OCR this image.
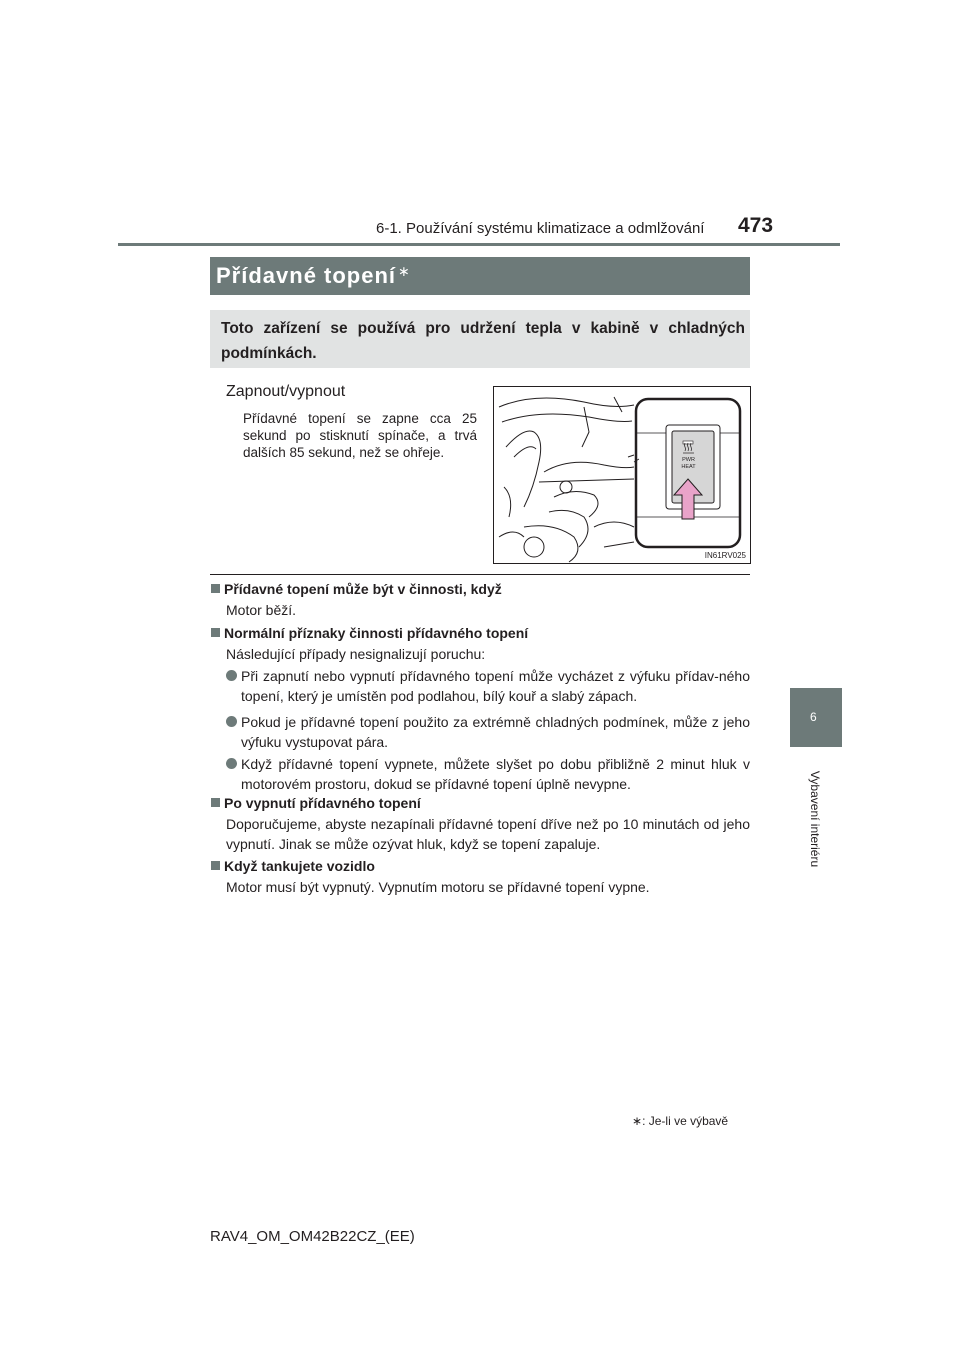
6-1. Používání systému klimatizace a odmlžování 473
Přídavné topení ∗
Toto zařízení se používá pro udržení tepla v kabině v chladných podmínkách.
Zapnout/vypnout
Přídavné topení se zapne cca 25 sekund po stisknutí spínače, a trvá dalších 85 sekund, než se ohřeje.	PWR
HEAT
IN61RV025
Přídavné topení může být v činnosti, když
Motor běží.
Normální příznaky činnosti přídavného topení
Následující případy nesignalizují poruchu:
Při zapnutí nebo vypnutí přídavného topení může vycházet z výfuku přídav-ného topení, který je umístěn pod podlahou, bílý kouř a slabý zápach.
Pokud je přídavné topení použito za extrémně chladných podmínek, může z jeho výfuku vystupovat pára.
Když přídavné topení vypnete, můžete slyšet po dobu přibližně 2 minut hluk v motorovém prostoru, dokud se přídavné topení úplně nevypne.
Po vypnutí přídavného topení
Doporučujeme, abyste nezapínali přídavné topení dříve než po 10 minutách od jeho vypnutí. Jinak se může ozývat hluk, když se topení zapaluje.
Když tankujete vozidlo
Motor musí být vypnutý. Vypnutím motoru se přídavné topení vypne.
6
Vybavení interiéru
∗: Je-li ve výbavě
RAV4_OM_OM42B22CZ_(EE)
